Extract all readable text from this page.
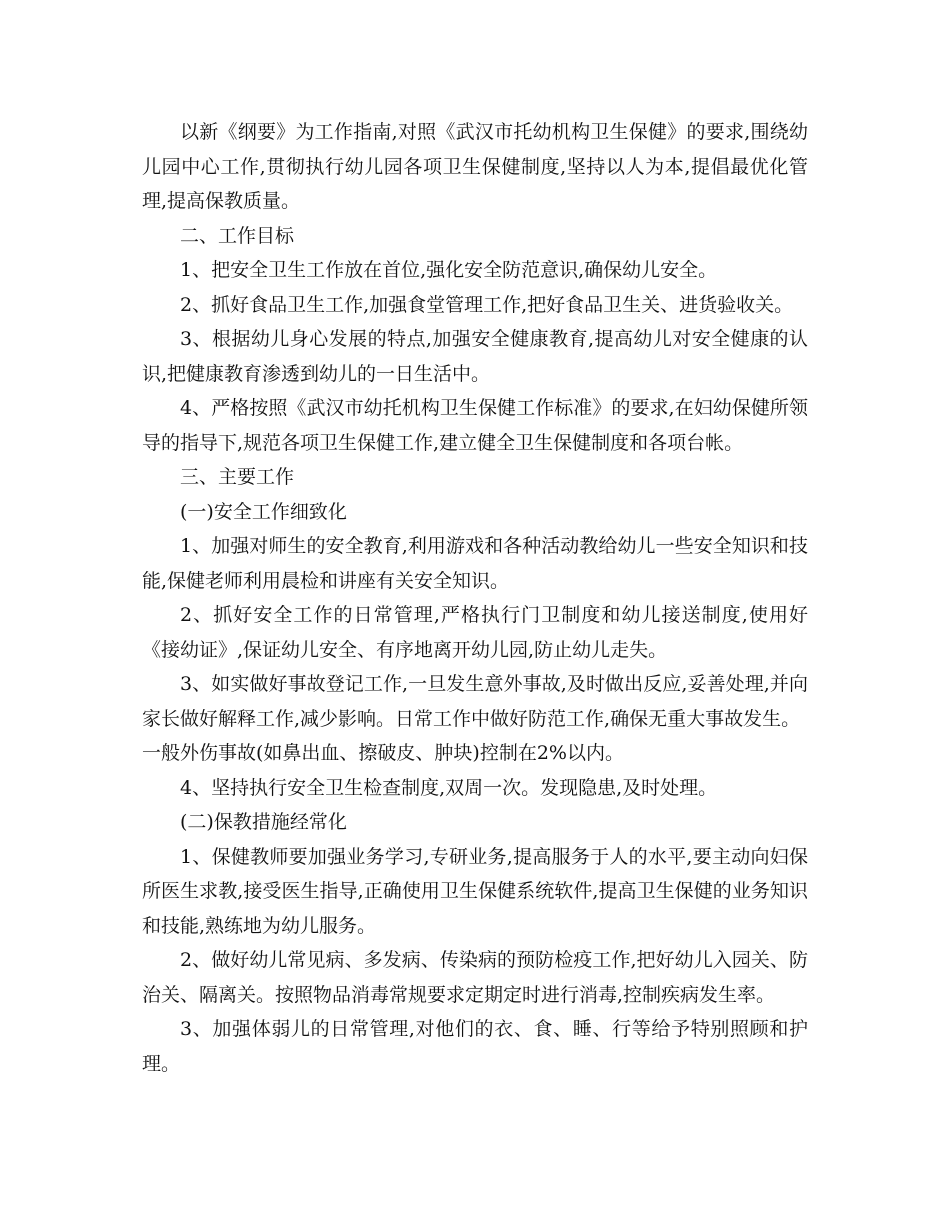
以新《纲要》为工作指南,对照《武汉市托幼机构卫生保健》的要求,围绕幼儿园中心工作,贯彻执行幼儿园各项卫生保健制度,坚持以人为本,提倡最优化管理,提高保教质量。

二、工作目标

1、把安全卫生工作放在首位,强化安全防范意识,确保幼儿安全。

2、抓好食品卫生工作,加强食堂管理工作,把好食品卫生关、进货验收关。

3、根据幼儿身心发展的特点,加强安全健康教育,提高幼儿对安全健康的认识,把健康教育渗透到幼儿的一日生活中。

4、严格按照《武汉市幼托机构卫生保健工作标准》的要求,在妇幼保健所领导的指导下,规范各项卫生保健工作,建立健全卫生保健制度和各项台帐。

三、主要工作

(一)安全工作细致化

1、加强对师生的安全教育,利用游戏和各种活动教给幼儿一些安全知识和技能,保健老师利用晨检和讲座有关安全知识。

2、抓好安全工作的日常管理,严格执行门卫制度和幼儿接送制度,使用好《接幼证》,保证幼儿安全、有序地离开幼儿园,防止幼儿走失。

3、如实做好事故登记工作,一旦发生意外事故,及时做出反应,妥善处理,并向家长做好解释工作,减少影响。日常工作中做好防范工作,确保无重大事故发生。

一般外伤事故(如鼻出血、擦破皮、肿块)控制在2%以内。

4、坚持执行安全卫生检查制度,双周一次。发现隐患,及时处理。

(二)保教措施经常化

1、保健教师要加强业务学习,专研业务,提高服务于人的水平,要主动向妇保所医生求教,接受医生指导,正确使用卫生保健系统软件,提高卫生保健的业务知识和技能,熟练地为幼儿服务。

2、做好幼儿常见病、多发病、传染病的预防检疫工作,把好幼儿入园关、防治关、隔离关。按照物品消毒常规要求定期定时进行消毒,控制疾病发生率。

3、加强体弱儿的日常管理,对他们的衣、食、睡、行等给予特别照顾和护理。
